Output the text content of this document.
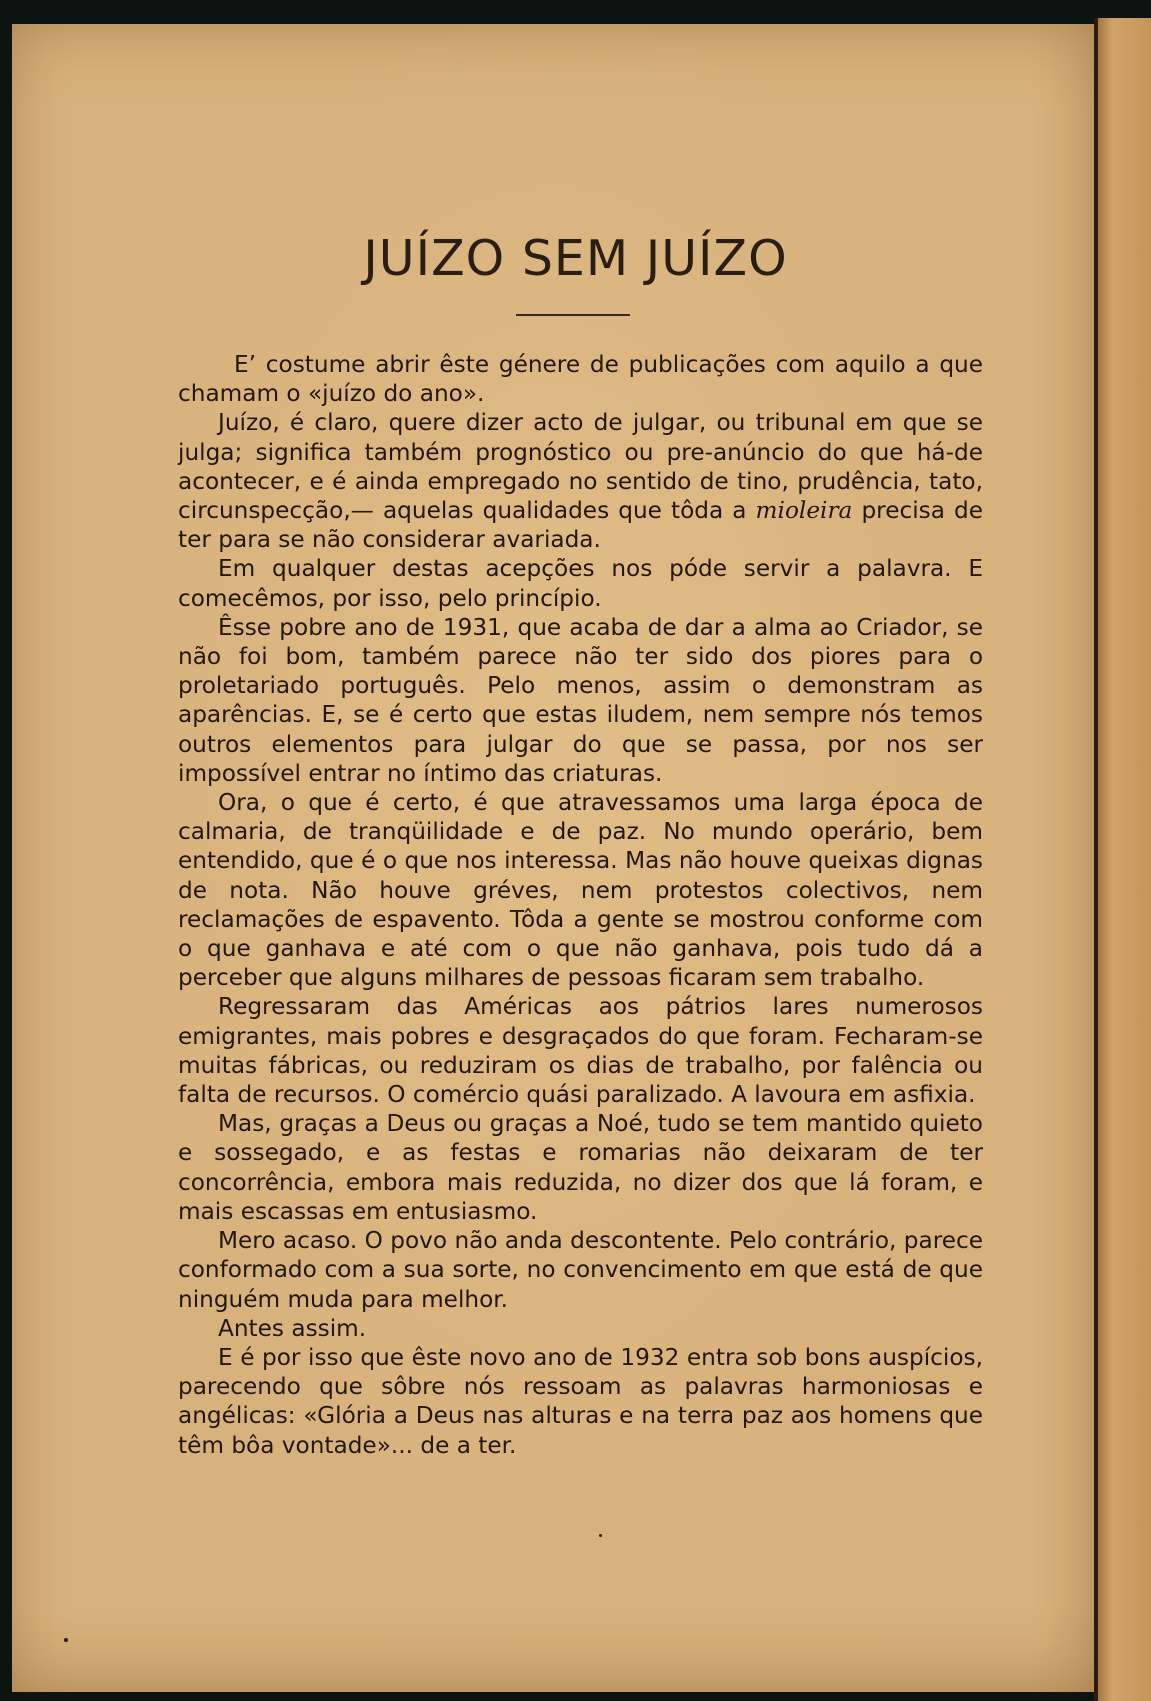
JUÍZO SEM JUÍZO

E’ costume abrir êste génere de publicações com aquilo a que chamam o «juízo do ano».

Juízo, é claro, quere dizer acto de julgar, ou tribunal em que se julga; significa também prognóstico ou pre-anúncio do que há-de acontecer, e é ainda empregado no sentido de tino, prudência, tato, circunspecção,— aquelas qualidades que tôda a mioleira precisa de ter para se não considerar avariada.

Em qualquer destas acepções nos póde servir a palavra. E comecêmos, por isso, pelo princípio.

Êsse pobre ano de 1931, que acaba de dar a alma ao Criador, se não foi bom, também parece não ter sido dos piores para o proletariado português. Pelo menos, assim o demonstram as aparências. E, se é certo que estas iludem, nem sempre nós temos outros elementos para julgar do que se passa, por nos ser impossível entrar no íntimo das criaturas.

Ora, o que é certo, é que atravessamos uma larga época de calmaria, de tranqüilidade e de paz. No mundo operário, bem entendido, que é o que nos interessa. Mas não houve queixas dignas de nota. Não houve gréves, nem protestos colectivos, nem reclamações de espavento. Tôda a gente se mostrou conforme com o que ganhava e até com o que não ganhava, pois tudo dá a perceber que alguns milhares de pessoas ficaram sem trabalho.

Regressaram das Américas aos pátrios lares numerosos emigrantes, mais pobres e desgraçados do que foram. Fecharam-se muitas fábricas, ou reduziram os dias de trabalho, por falência ou falta de recursos. O comércio quási paralizado. A lavoura em asfixia.

Mas, graças a Deus ou graças a Noé, tudo se tem mantido quieto e sossegado, e as festas e romarias não deixaram de ter concorrência, embora mais reduzida, no dizer dos que lá foram, e mais escassas em entusiasmo.

Mero acaso. O povo não anda descontente. Pelo contrário, parece conformado com a sua sorte, no convencimento em que está de que ninguém muda para melhor.

Antes assim.

E é por isso que êste novo ano de 1932 entra sob bons auspícios, parecendo que sôbre nós ressoam as palavras harmoniosas e angélicas: «Glória a Deus nas alturas e na terra paz aos homens que têm bôa vontade»... de a ter.
